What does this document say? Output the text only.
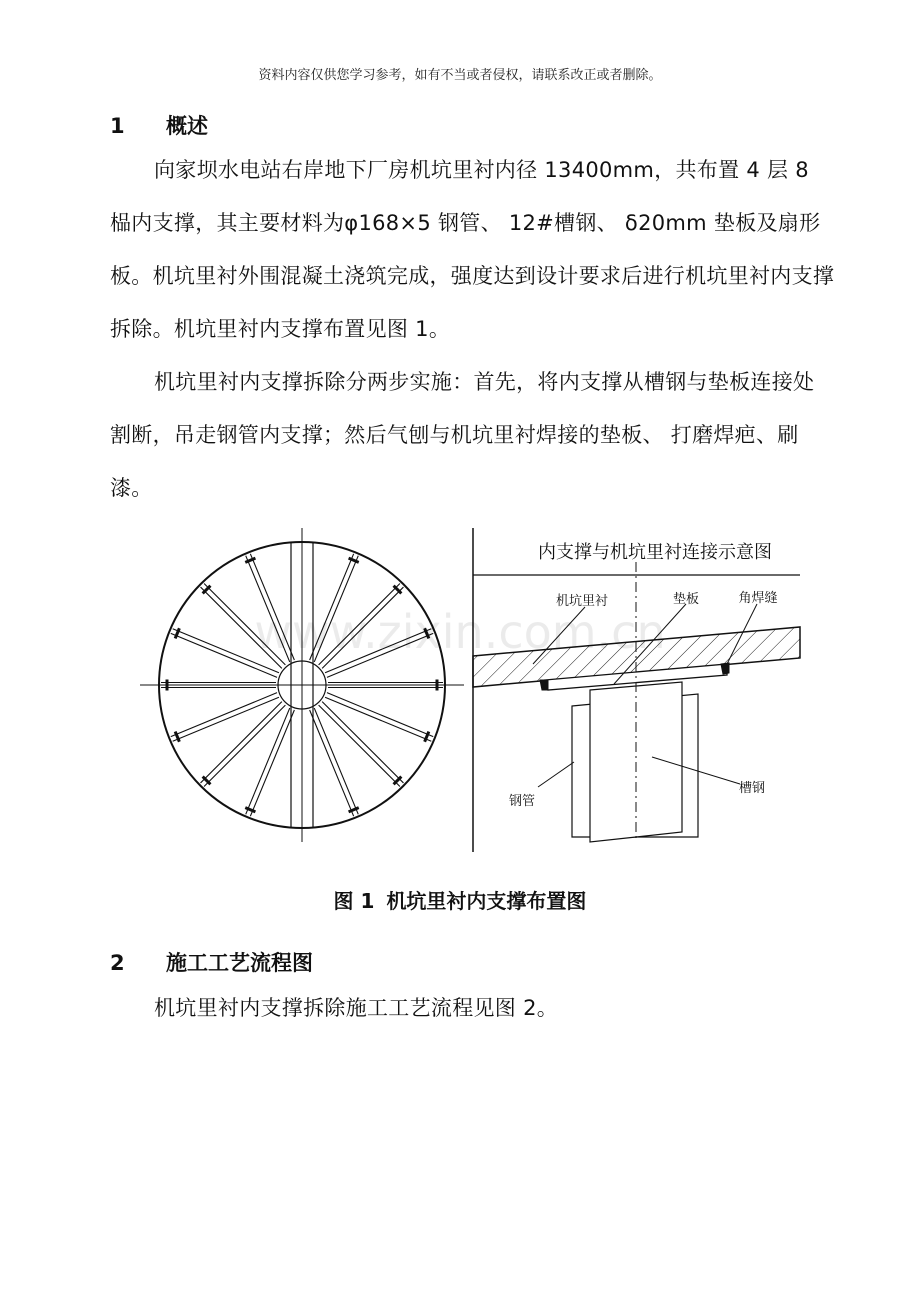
资料内容仅供您学习参考，如有不当或者侵权，请联系改正或者删除。
1 概述
向家坝水电站右岸地下厂房机坑里衬内径 13400mm，共布置 4 层 8 榀内支撑，其主要材料为φ168×5 钢管、 12#槽钢、 δ20mm 垫板及扇形板。机坑里衬外围混凝土浇筑完成，强度达到设计要求后进行机坑里衬内支撑拆除。机坑里衬内支撑布置见图 1。
机坑里衬内支撑拆除分两步实施：首先，将内支撑从槽钢与垫板连接处割断，吊走钢管内支撑；然后气刨与机坑里衬焊接的垫板、 打磨焊疤、刷漆。
内支撑与机坑里衬连接示意图
机坑里衬	垫板	角焊缝
钢管
槽钢
www.zixin.com.cn
图 1 机坑里衬内支撑布置图
2 施工工艺流程图
机坑里衬内支撑拆除施工工艺流程见图 2。
